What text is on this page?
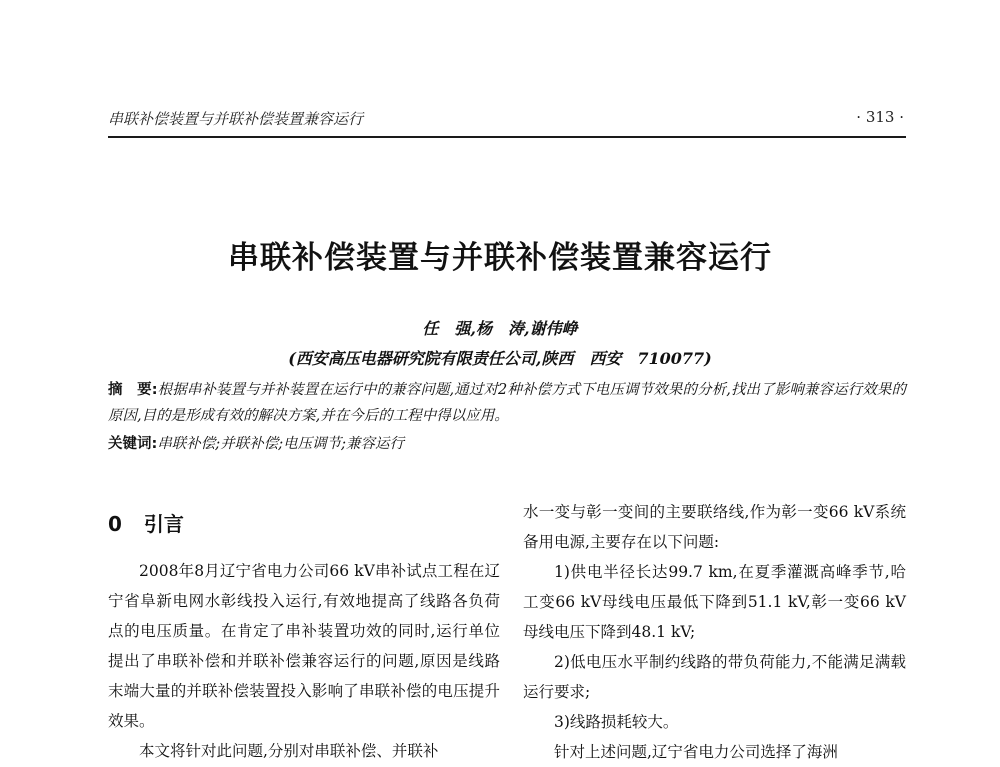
串联补偿装置与并联补偿装置兼容运行	· 313 ·
串联补偿装置与并联补偿装置兼容运行
任　强,杨　涛,谢伟峥
(西安高压电器研究院有限责任公司,陕西　西安　710077)
摘　要:根据串补装置与并补装置在运行中的兼容问题,通过对2种补偿方式下电压调节效果的分析,找出了影响兼容运行效果的原因,目的是形成有效的解决方案,并在今后的工程中得以应用。
关键词:串联补偿;并联补偿;电压调节;兼容运行
0 引言

2008年8月辽宁省电力公司66 kV串补试点工程在辽宁省阜新电网水彰线投入运行,有效地提高了线路各负荷点的电压质量。在肯定了串补装置功效的同时,运行单位提出了串联补偿和并联补偿兼容运行的问题,原因是线路末端大量的并联补偿装置投入影响了串联补偿的电压提升效果。

本文将针对此问题,分别对串联补偿、并联补

水一变与彰一变间的主要联络线,作为彰一变66 kV系统备用电源,主要存在以下问题:

1)供电半径长达99.7 km,在夏季灌溉高峰季节,哈工变66 kV母线电压最低下降到51.1 kV,彰一变66 kV母线电压下降到48.1 kV;

2)低电压水平制约线路的带负荷能力,不能满足满载运行要求;

3)线路损耗较大。

针对上述问题,辽宁省电力公司选择了海洲
